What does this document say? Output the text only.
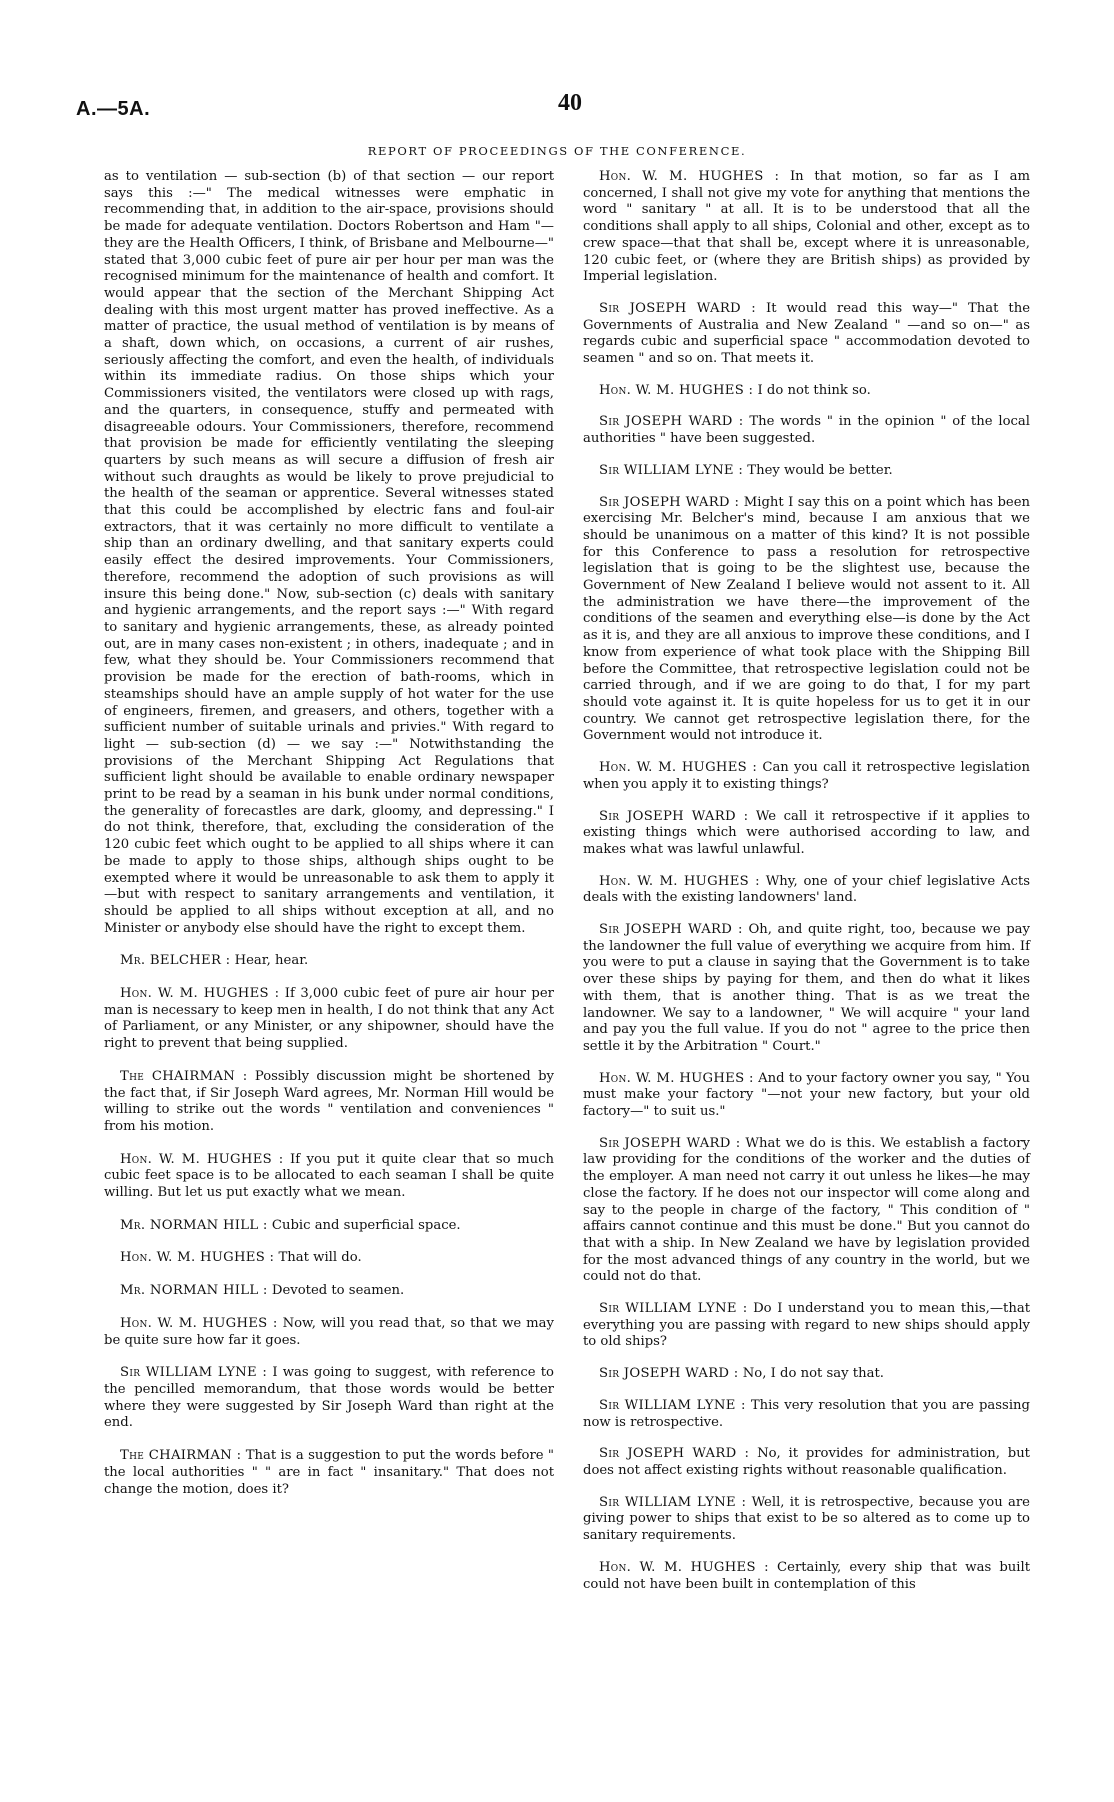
A.—5A.	40
REPORT OF PROCEEDINGS OF THE CONFERENCE.

as to ventilation — sub-section (b) of that section — our report says this :—" The medical witnesses were emphatic in recommending that, in addition to the air-space, provisions should be made for adequate ventilation. Doctors Robertson and Ham "—they are the Health Officers, I think, of Brisbane and Melbourne—" stated that 3,000 cubic feet of pure air per hour per man was the recognised minimum for the maintenance of health and comfort. It would appear that the section of the Merchant Shipping Act dealing with this most urgent matter has proved ineffective. As a matter of practice, the usual method of ventilation is by means of a shaft, down which, on occasions, a current of air rushes, seriously affecting the comfort, and even the health, of individuals within its immediate radius. On those ships which your Commissioners visited, the ventilators were closed up with rags, and the quarters, in consequence, stuffy and permeated with disagreeable odours. Your Commissioners, therefore, recommend that provision be made for efficiently ventilating the sleeping quarters by such means as will secure a diffusion of fresh air without such draughts as would be likely to prove prejudicial to the health of the seaman or apprentice. Several witnesses stated that this could be accomplished by electric fans and foul-air extractors, that it was certainly no more difficult to ventilate a ship than an ordinary dwelling, and that sanitary experts could easily effect the desired improvements. Your Commissioners, therefore, recommend the adoption of such provisions as will insure this being done." Now, sub-section (c) deals with sanitary and hygienic arrangements, and the report says :—" With regard to sanitary and hygienic arrangements, these, as already pointed out, are in many cases non-existent ; in others, inadequate ; and in few, what they should be. Your Commissioners recommend that provision be made for the erection of bath-rooms, which in steamships should have an ample supply of hot water for the use of engineers, firemen, and greasers, and others, together with a sufficient number of suitable urinals and privies." With regard to light — sub-section (d) — we say :—" Notwithstanding the provisions of the Merchant Shipping Act Regulations that sufficient light should be available to enable ordinary newspaper print to be read by a seaman in his bunk under normal conditions, the generality of forecastles are dark, gloomy, and depressing." I do not think, therefore, that, excluding the consideration of the 120 cubic feet which ought to be applied to all ships where it can be made to apply to those ships, although ships ought to be exempted where it would be unreasonable to ask them to apply it—but with respect to sanitary arrangements and ventilation, it should be applied to all ships without exception at all, and no Minister or anybody else should have the right to except them.

Mr. BELCHER : Hear, hear.

Hon. W. M. HUGHES : If 3,000 cubic feet of pure air hour per man is necessary to keep men in health, I do not think that any Act of Parliament, or any Minister, or any shipowner, should have the right to prevent that being supplied.

The CHAIRMAN : Possibly discussion might be shortened by the fact that, if Sir Joseph Ward agrees, Mr. Norman Hill would be willing to strike out the words " ventilation and conveniences " from his motion.

Hon. W. M. HUGHES : If you put it quite clear that so much cubic feet space is to be allocated to each seaman I shall be quite willing. But let us put exactly what we mean.

Mr. NORMAN HILL : Cubic and superficial space.

Hon. W. M. HUGHES : That will do.

Mr. NORMAN HILL : Devoted to seamen.

Hon. W. M. HUGHES : Now, will you read that, so that we may be quite sure how far it goes.

Sir WILLIAM LYNE : I was going to suggest, with reference to the pencilled memorandum, that those words would be better where they were suggested by Sir Joseph Ward than right at the end.

The CHAIRMAN : That is a suggestion to put the words before " the local authorities " " are in fact " insanitary." That does not change the motion, does it?

Hon. W. M. HUGHES : In that motion, so far as I am concerned, I shall not give my vote for anything that mentions the word " sanitary " at all. It is to be understood that all the conditions shall apply to all ships, Colonial and other, except as to crew space—that that shall be, except where it is unreasonable, 120 cubic feet, or (where they are British ships) as provided by Imperial legislation.

Sir JOSEPH WARD : It would read this way—" That the Governments of Australia and New Zealand " —and so on—" as regards cubic and superficial space " accommodation devoted to seamen " and so on. That meets it.

Hon. W. M. HUGHES : I do not think so.

Sir JOSEPH WARD : The words " in the opinion " of the local authorities " have been suggested.

Sir WILLIAM LYNE : They would be better.

Sir JOSEPH WARD : Might I say this on a point which has been exercising Mr. Belcher's mind, because I am anxious that we should be unanimous on a matter of this kind? It is not possible for this Conference to pass a resolution for retrospective legislation that is going to be the slightest use, because the Government of New Zealand I believe would not assent to it. All the administration we have there—the improvement of the conditions of the seamen and everything else—is done by the Act as it is, and they are all anxious to improve these conditions, and I know from experience of what took place with the Shipping Bill before the Committee, that retrospective legislation could not be carried through, and if we are going to do that, I for my part should vote against it. It is quite hopeless for us to get it in our country. We cannot get retrospective legislation there, for the Government would not introduce it.

Hon. W. M. HUGHES : Can you call it retrospective legislation when you apply it to existing things?

Sir JOSEPH WARD : We call it retrospective if it applies to existing things which were authorised according to law, and makes what was lawful unlawful.

Hon. W. M. HUGHES : Why, one of your chief legislative Acts deals with the existing landowners' land.

Sir JOSEPH WARD : Oh, and quite right, too, because we pay the landowner the full value of everything we acquire from him. If you were to put a clause in saying that the Government is to take over these ships by paying for them, and then do what it likes with them, that is another thing. That is as we treat the landowner. We say to a landowner, " We will acquire " your land and pay you the full value. If you do not " agree to the price then settle it by the Arbitration " Court."

Hon. W. M. HUGHES : And to your factory owner you say, " You must make your factory "—not your new factory, but your old factory—" to suit us."

Sir JOSEPH WARD : What we do is this. We establish a factory law providing for the conditions of the worker and the duties of the employer. A man need not carry it out unless he likes—he may close the factory. If he does not our inspector will come along and say to the people in charge of the factory, " This condition of " affairs cannot continue and this must be done." But you cannot do that with a ship. In New Zealand we have by legislation provided for the most advanced things of any country in the world, but we could not do that.

Sir WILLIAM LYNE : Do I understand you to mean this,—that everything you are passing with regard to new ships should apply to old ships?

Sir JOSEPH WARD : No, I do not say that.

Sir WILLIAM LYNE : This very resolution that you are passing now is retrospective.

Sir JOSEPH WARD : No, it provides for administration, but does not affect existing rights without reasonable qualification.

Sir WILLIAM LYNE : Well, it is retrospective, because you are giving power to ships that exist to be so altered as to come up to sanitary requirements.

Hon. W. M. HUGHES : Certainly, every ship that was built could not have been built in contemplation of this
